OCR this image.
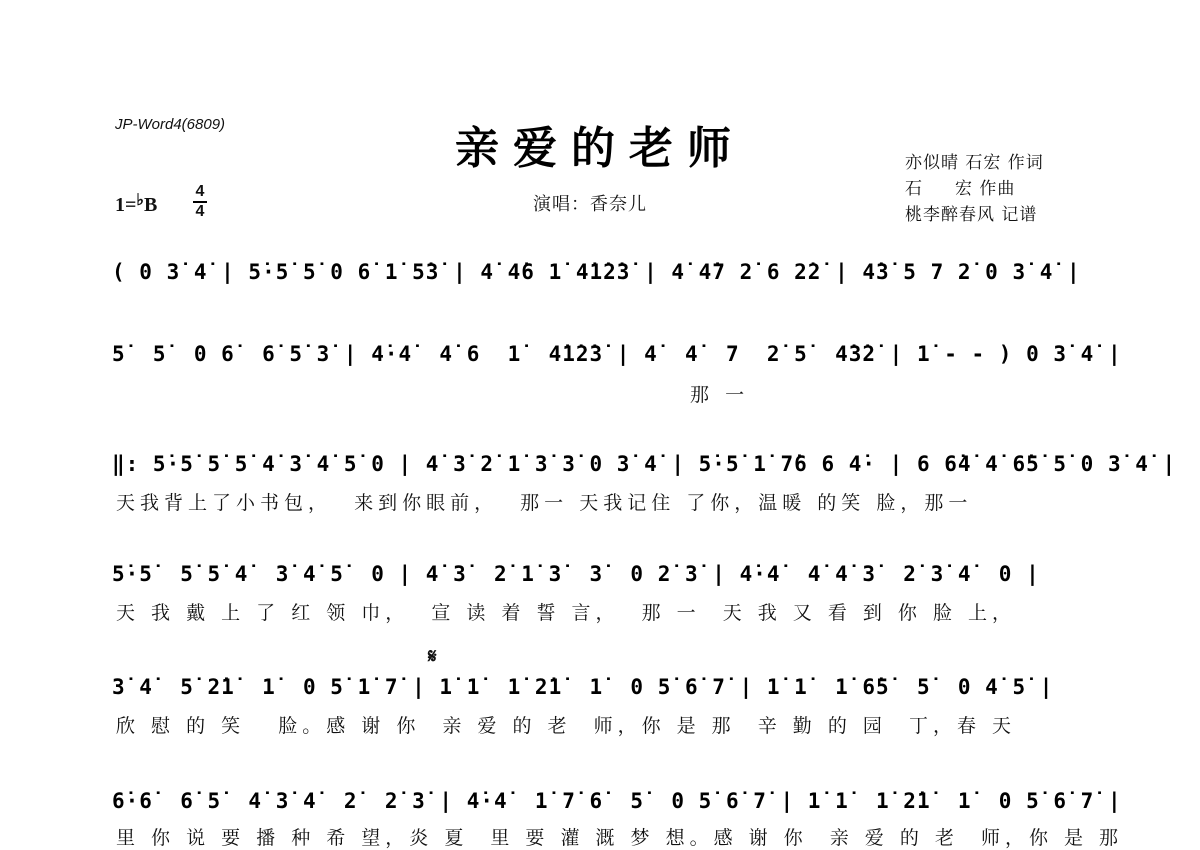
JP-Word4(6809)	亲爱的老师	亦似晴 石宏 作词
石     宏 作曲
桃李醉春风 记谱
1=♭B
4
4	演唱：香奈儿
( 0 3̇ 4̇ | 5̇·5̇ 5̇ 0 6̇ 1̇ 5̇3̇ | 4̇ 4̇6 1̇ 4̇1̇2̇3̇ | 4̇ 4̇7 2̇ 6 2̇2̇ | 4̇3̇ 5 7 2̇ 0 3̇ 4̇ |
5̇  5̇  0 6̇  6̇ 5̇ 3̇ | 4̇·4̇  4̇ 6  1̇  4̇1̇2̇3̇ | 4̇  4̇  7  2̇ 5̇  4̇3̇2̇ | 1̇ - - ) 0 3̇ 4̇ |
那 一
‖: 5̇·5̇ 5̇ 5̇ 4̇ 3̇ 4̇ 5̇ 0 | 4̇ 3̇ 2̇ 1̇ 3̇ 3̇ 0 3̇ 4̇ | 5̇·5̇ 1̇ 7̇6 6 4̇· | 6 6̇4̇ 4̇ 6̇5̇ 5̇ 0 3̇ 4̇ |
天我背上了小书包，  来到你眼前，  那一 天我记住 了你，温暖 的笑 脸，那一
5̇·5̇  5̇ 5̇ 4̇  3̇ 4̇ 5̇  0 | 4̇ 3̇  2̇ 1̇ 3̇  3̇  0 2̇ 3̇ | 4̇·4̇  4̇ 4̇ 3̇  2̇ 3̇ 4̇  0 |
天 我 戴 上 了 红 领 巾，  宣 读 着 誓 言，  那 一  天 我 又 看 到 你 脸 上，
𝄋
3̇ 4̇  5̇ 2̇1̇  1̇  0 5̇ 1̇ 7̇ | 1̇ 1̇  1̇ 2̇1̇  1̇  0 5̇ 6̇ 7̇ | 1̇ 1̇  1̇ 6̇5̇  5̇  0 4̇ 5̇ |
欣 慰 的 笑   脸。感 谢 你  亲 爱 的 老  师，你 是 那  辛 勤 的 园  丁，春 天
6̇·6̇  6̇ 5̇  4̇ 3̇ 4̇  2̇  2̇ 3̇ | 4̇·4̇  1̇ 7̇ 6̇  5̇  0 5̇ 6̇ 7̇ | 1̇ 1̇  1̇ 2̇1̇  1̇  0 5̇ 6̇ 7̇ |
里 你 说 要 播 种 希 望，炎 夏  里 要 灌 溉 梦 想。感 谢 你  亲 爱 的 老  师，你 是 那
